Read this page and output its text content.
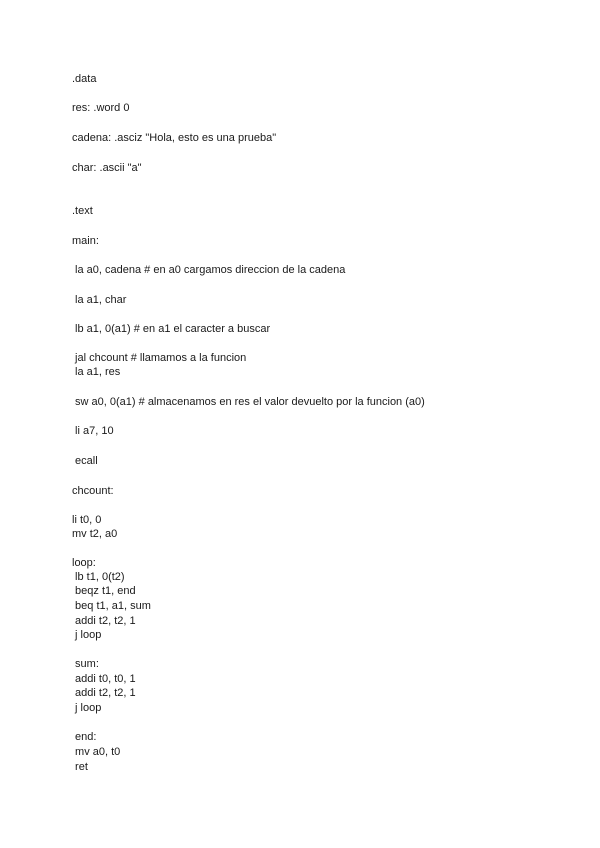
.data
res: .word 0
cadena: .asciz "Hola, esto es una prueba"
char: .ascii "a"
.text
main:
la a0, cadena # en a0 cargamos direccion de la cadena
la a1, char
lb a1, 0(a1) # en a1 el caracter a buscar
jal chcount # llamamos a la funcion
la a1, res
sw a0, 0(a1) # almacenamos en res el valor devuelto por la funcion (a0)
li a7, 10
ecall
chcount:
li t0, 0
mv t2, a0
loop:
lb t1, 0(t2)
beqz t1, end
beq t1, a1, sum
addi t2, t2, 1
j loop
sum:
addi t0, t0, 1
addi t2, t2, 1
j loop
end:
mv a0, t0
ret
